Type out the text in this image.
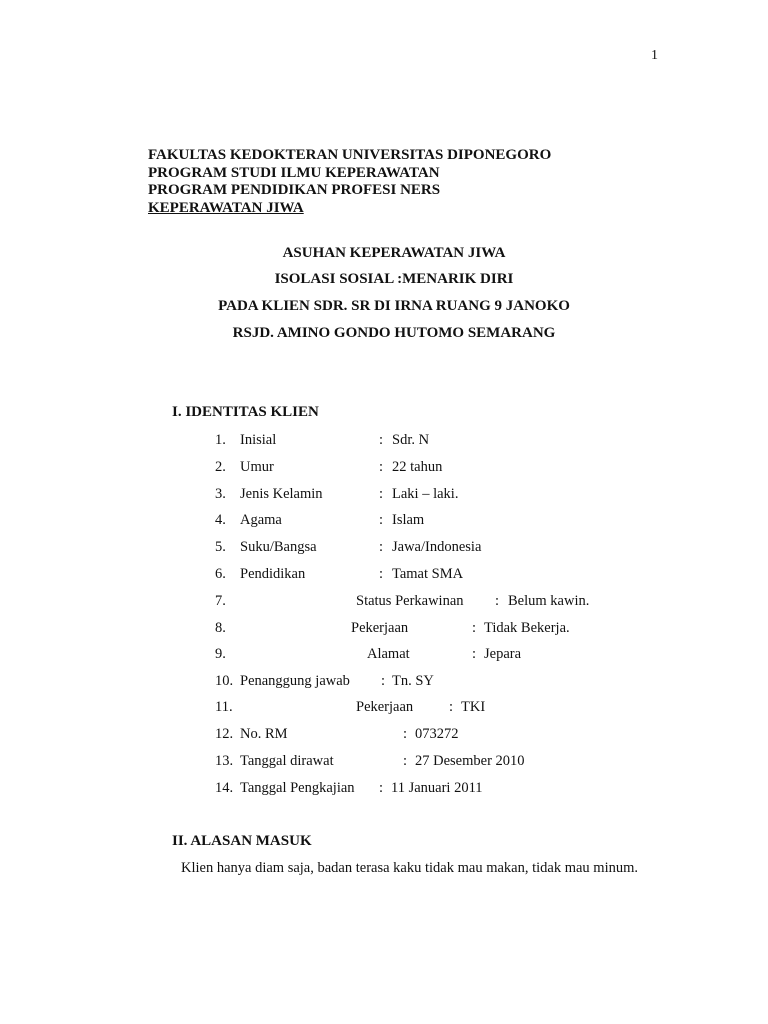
1
FAKULTAS KEDOKTERAN UNIVERSITAS DIPONEGORO
PROGRAM STUDI ILMU KEPERAWATAN
PROGRAM PENDIDIKAN PROFESI NERS
KEPERAWATAN JIWA
ASUHAN KEPERAWATAN JIWA
ISOLASI SOSIAL :MENARIK DIRI
PADA KLIEN SDR. SR DI IRNA RUANG 9 JANOKO
RSJD. AMINO GONDO HUTOMO SEMARANG
I. IDENTITAS KLIEN
1. Inisial	: Sdr. N
2. Umur	: 22 tahun
3. Jenis Kelamin	: Laki – laki.
4. Agama	: Islam
5. Suku/Bangsa	: Jawa/Indonesia
6. Pendidikan	: Tamat SMA
7.	Status Perkawinan : Belum kawin.
8.	Pekerjaan	: Tidak Bekerja.
9.	Alamat	: Jepara
10. Penanggung jawab : Tn. SY
11.	Pekerjaan : TKI
12. No. RM	: 073272
13. Tanggal dirawat	: 27 Desember 2010
14. Tanggal Pengkajian : 11 Januari 2011
II. ALASAN MASUK
Klien hanya diam saja, badan terasa kaku tidak mau makan, tidak mau minum.
